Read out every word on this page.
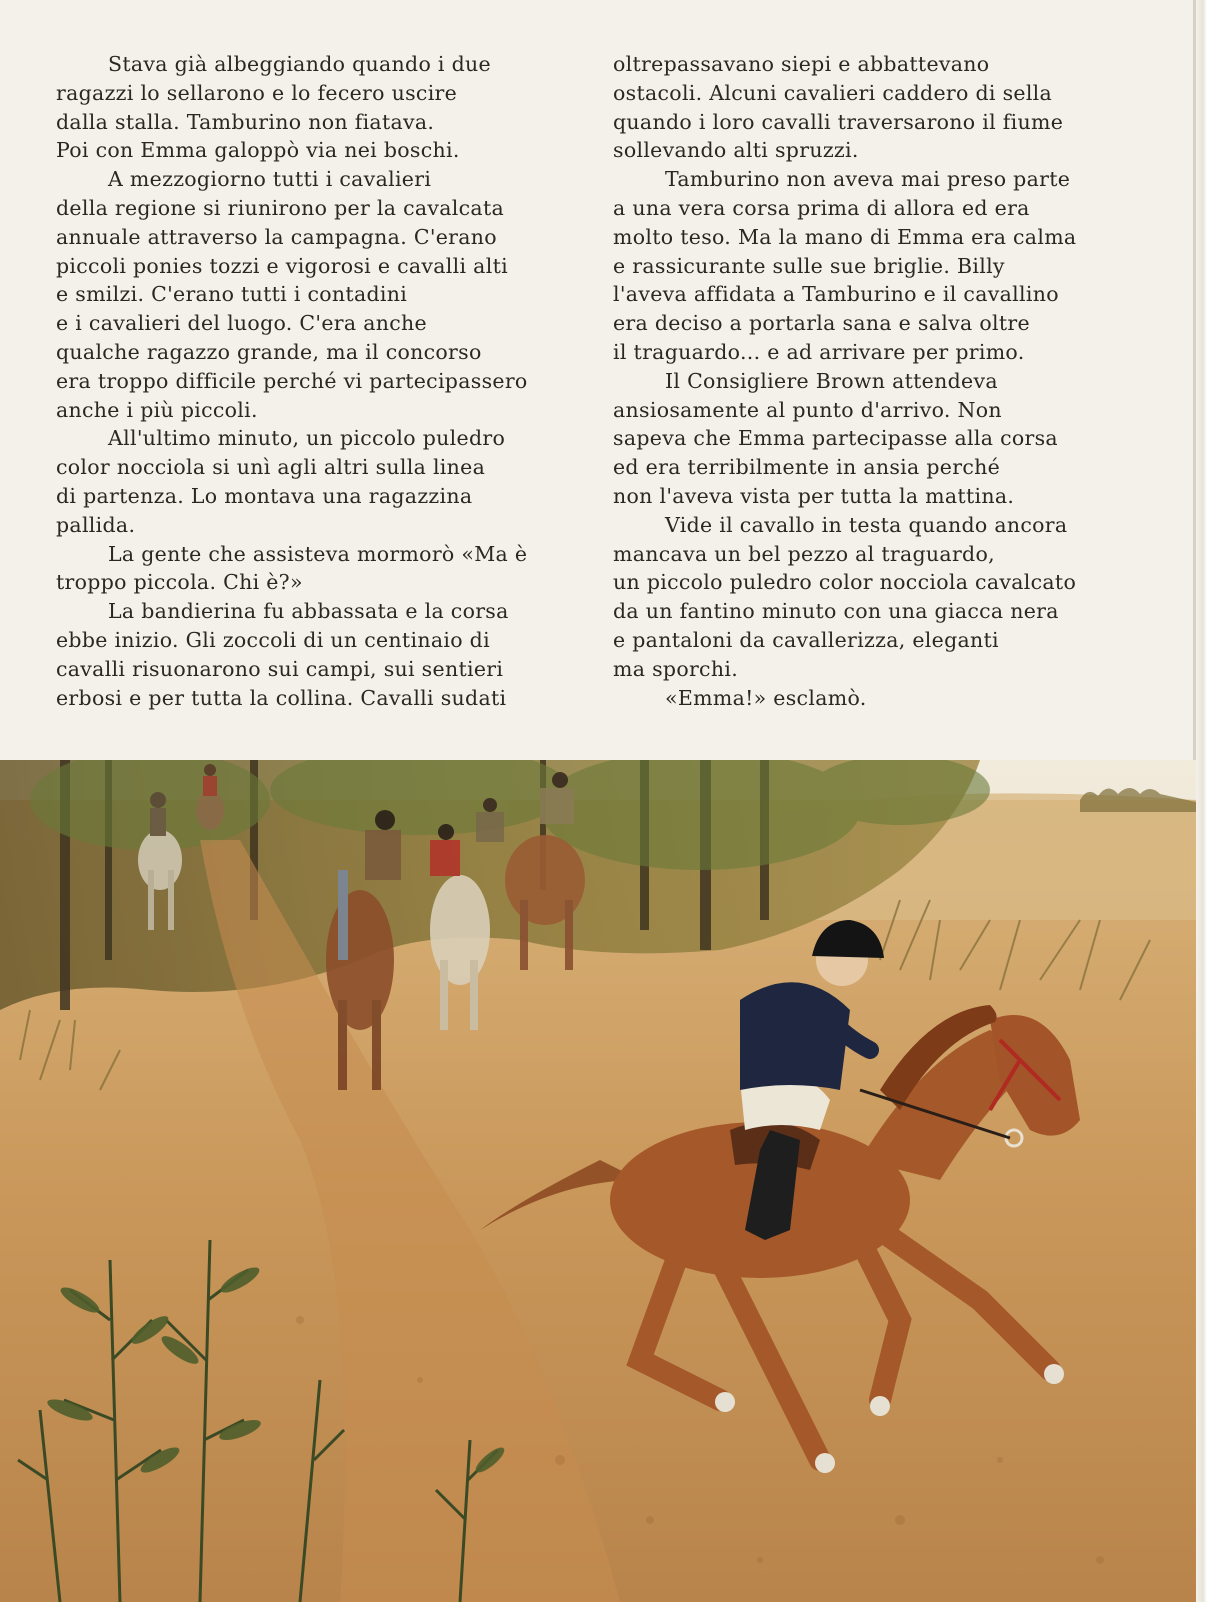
Stava già albeggiando quando i due
ragazzi lo sellarono e lo fecero uscire
dalla stalla. Tamburino non fiatava.
Poi con Emma galoppò via nei boschi.
A mezzogiorno tutti i cavalieri
della regione si riunirono per la cavalcata
annuale attraverso la campagna. C'erano
piccoli ponies tozzi e vigorosi e cavalli alti
e smilzi. C'erano tutti i contadini
e i cavalieri del luogo. C'era anche
qualche ragazzo grande, ma il concorso
era troppo difficile perché vi partecipassero
anche i più piccoli.
All'ultimo minuto, un piccolo puledro
color nocciola si unì agli altri sulla linea
di partenza. Lo montava una ragazzina
pallida.
La gente che assisteva mormorò «Ma è
troppo piccola. Chi è?»
La bandierina fu abbassata e la corsa
ebbe inizio. Gli zoccoli di un centinaio di
cavalli risuonarono sui campi, sui sentieri
erbosi e per tutta la collina. Cavalli sudati
oltrepassavano siepi e abbattevano
ostacoli. Alcuni cavalieri caddero di sella
quando i loro cavalli traversarono il fiume
sollevando alti spruzzi.
Tamburino non aveva mai preso parte
a una vera corsa prima di allora ed era
molto teso. Ma la mano di Emma era calma
e rassicurante sulle sue briglie. Billy
l'aveva affidata a Tamburino e il cavallino
era deciso a portarla sana e salva oltre
il traguardo... e ad arrivare per primo.
Il Consigliere Brown attendeva
ansiosamente al punto d'arrivo. Non
sapeva che Emma partecipasse alla corsa
ed era terribilmente in ansia perché
non l'aveva vista per tutta la mattina.
Vide il cavallo in testa quando ancora
mancava un bel pezzo al traguardo,
un piccolo puledro color nocciola cavalcato
da un fantino minuto con una giacca nera
e pantaloni da cavallerizza, eleganti
ma sporchi.
«Emma!» esclamò.
